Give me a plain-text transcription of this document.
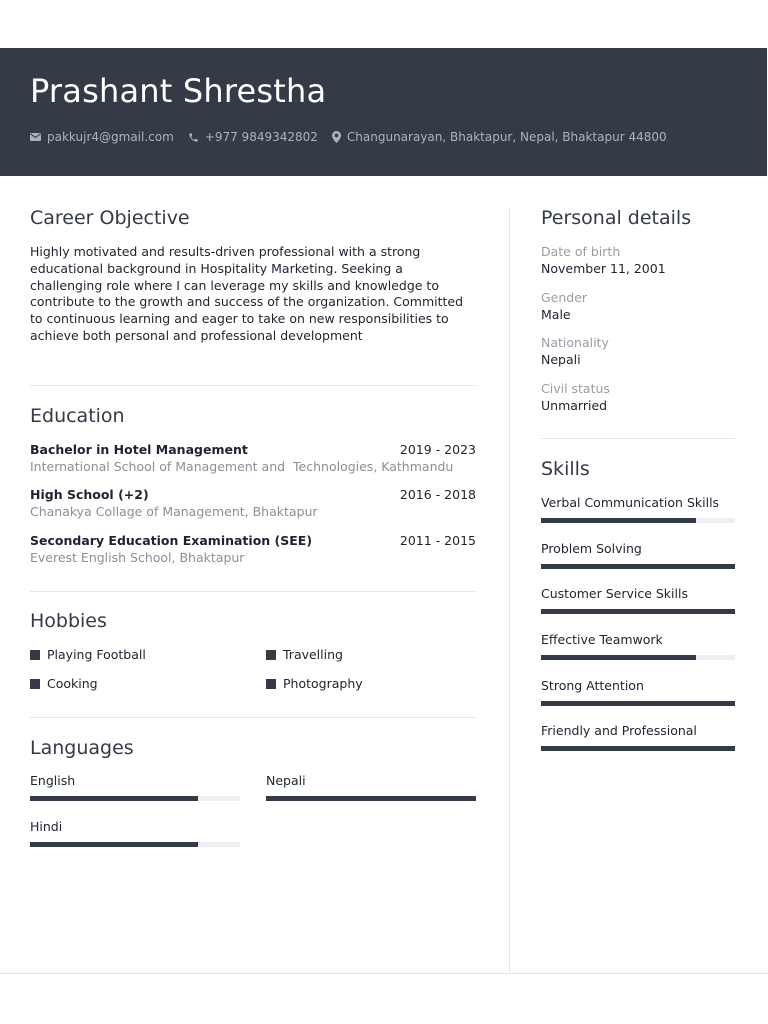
Prashant Shrestha
pakkujr4@gmail.com	+977 9849342802 Changunarayan, Bhaktapur, Nepal, Bhaktapur 44800
Career Objective
Highly motivated and results-driven professional with a strong educational background in Hospitality Marketing. Seeking a challenging role where I can leverage my skills and knowledge to contribute to the growth and success of the organization. Committed to continuous learning and eager to take on new responsibilities to achieve both personal and professional development
Education
Bachelor in Hotel Management	2019 - 2023
International School of Management and  Technologies, Kathmandu
High School (+2)	2016 - 2018
Chanakya Collage of Management, Bhaktapur
Secondary Education Examination (SEE)	2011 - 2015
Everest English School, Bhaktapur
Hobbies
Playing Football	Travelling
Cooking	Photography
Languages
English	Nepali
Hindi
Personal details
Date of birth
November 11, 2001
Gender
Male
Nationality
Nepali
Civil status
Unmarried
Skills
Verbal Communication Skills
Problem Solving
Customer Service Skills
Effective Teamwork
Strong Attention
Friendly and Professional
